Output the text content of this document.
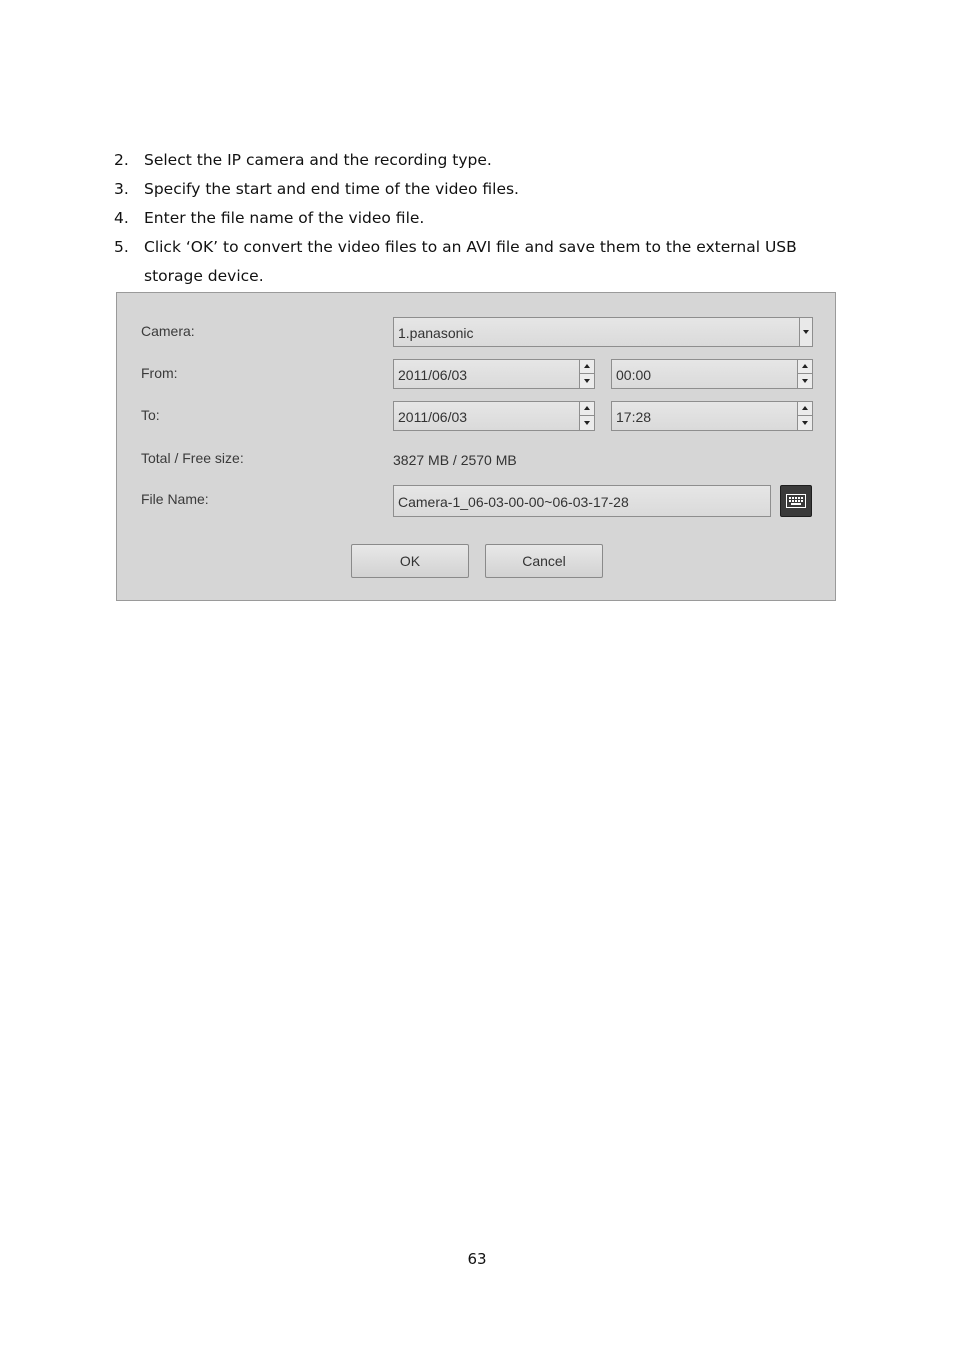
2. Select the IP camera and the recording type.
3. Specify the start and end time of the video files.
4. Enter the file name of the video file.
5. Click ‘OK’ to convert the video files to an AVI file and save them to the external USB storage device.
Camera:	1.panasonic
From:	2011/06/03	00:00
To:	2011/06/03	17:28
Total / Free size:	3827 MB / 2570 MB
File Name:	Camera-1_06-03-00-00~06-03-17-28
OK	Cancel
63
